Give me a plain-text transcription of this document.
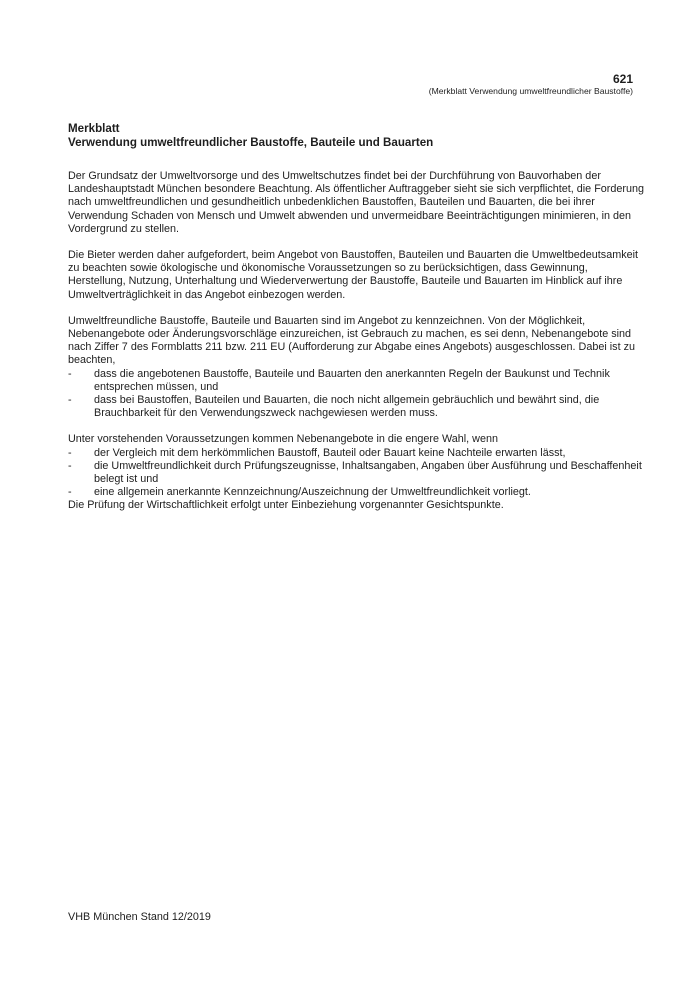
621
(Merkblatt Verwendung umweltfreundlicher Baustoffe)
Merkblatt
Verwendung umweltfreundlicher Baustoffe, Bauteile und Bauarten

Der Grundsatz der Umweltvorsorge und des Umweltschutzes findet bei der Durchführung von Bauvorhaben der Landeshauptstadt München besondere Beachtung. Als öffentlicher Auftraggeber sieht sie sich verpflichtet, die Forderung nach umweltfreundlichen und gesundheitlich unbedenklichen Baustoffen, Bauteilen und Bauarten, die bei ihrer Verwendung Schaden von Mensch und Umwelt abwenden und unvermeidbare Beeinträchtigungen minimieren, in den Vordergrund zu stellen.

Die Bieter werden daher aufgefordert, beim Angebot von Baustoffen, Bauteilen und Bauarten die Umweltbedeutsamkeit zu beachten sowie ökologische und ökonomische Voraussetzungen so zu berücksichtigen, dass Gewinnung, Herstellung, Nutzung, Unterhaltung und Wiederverwertung der Baustoffe, Bauteile und Bauarten im Hinblick auf ihre Umweltverträglichkeit in das Angebot einbezogen werden.

Umweltfreundliche Baustoffe, Bauteile und Bauarten sind im Angebot zu kennzeichnen. Von der Möglichkeit, Nebenangebote oder Änderungsvorschläge einzureichen, ist Gebrauch zu machen, es sei denn, Nebenangebote sind nach Ziffer 7 des Formblatts 211 bzw. 211 EU (Aufforderung zur Abgabe eines Angebots) ausgeschlossen. Dabei ist zu beachten,
- dass die angebotenen Baustoffe, Bauteile und Bauarten den anerkannten Regeln der Baukunst und Technik entsprechen müssen, und
- dass bei Baustoffen, Bauteilen und Bauarten, die noch nicht allgemein gebräuchlich und bewährt sind, die Brauchbarkeit für den Verwendungszweck nachgewiesen werden muss.
Unter vorstehenden Voraussetzungen kommen Nebenangebote in die engere Wahl, wenn
- der Vergleich mit dem herkömmlichen Baustoff, Bauteil oder Bauart keine Nachteile erwarten lässt,
- die Umweltfreundlichkeit durch Prüfungszeugnisse, Inhaltsangaben, Angaben über Ausführung und Beschaffenheit belegt ist und
- eine allgemein anerkannte Kennzeichnung/Auszeichnung der Umweltfreundlichkeit vorliegt.
Die Prüfung der Wirtschaftlichkeit erfolgt unter Einbeziehung vorgenannter Gesichtspunkte.
VHB München Stand 12/2019
